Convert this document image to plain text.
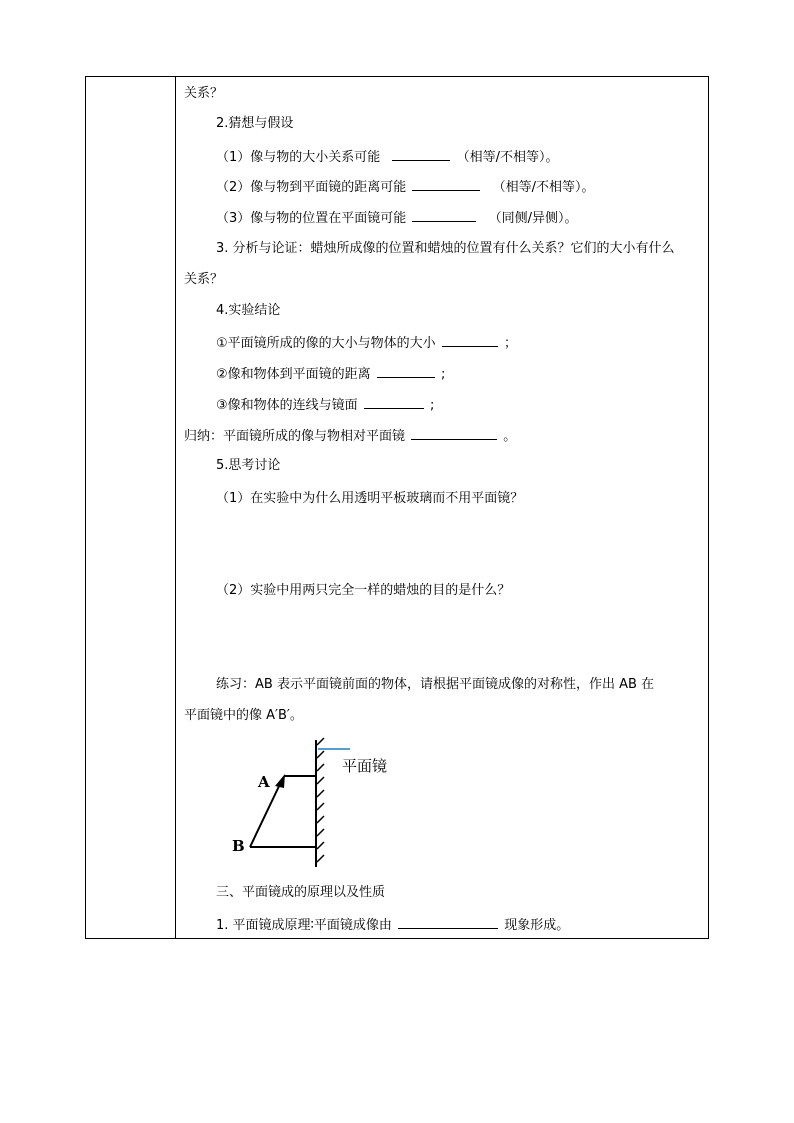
关系？
2.猜想与假设
（1）像与物的大小关系可能	（相等/不相等）。
（2）像与物到平面镜的距离可能	（相等/不相等）。
（3）像与物的位置在平面镜可能	（同侧/异侧）。
3. 分析与论证：蜡烛所成像的位置和蜡烛的位置有什么关系？它们的大小有什么
关系？
4.实验结论
①平面镜所成的像的大小与物体的大小	；
②像和物体到平面镜的距离	;
③像和物体的连线与镜面	;
归纳：平面镜所成的像与物相对平面镜	。
5.思考讨论
（1）在实验中为什么用透明平板玻璃而不用平面镜？
（2）实验中用两只完全一样的蜡烛的目的是什么？
练习：AB 表示平面镜前面的物体，请根据平面镜成像的对称性，作出 AB 在
平面镜中的像 A′B′。
三、平面镜成的原理以及性质
1. 平面镜成原理∶平面镜成像由	现象形成。
A
B
平面镜
